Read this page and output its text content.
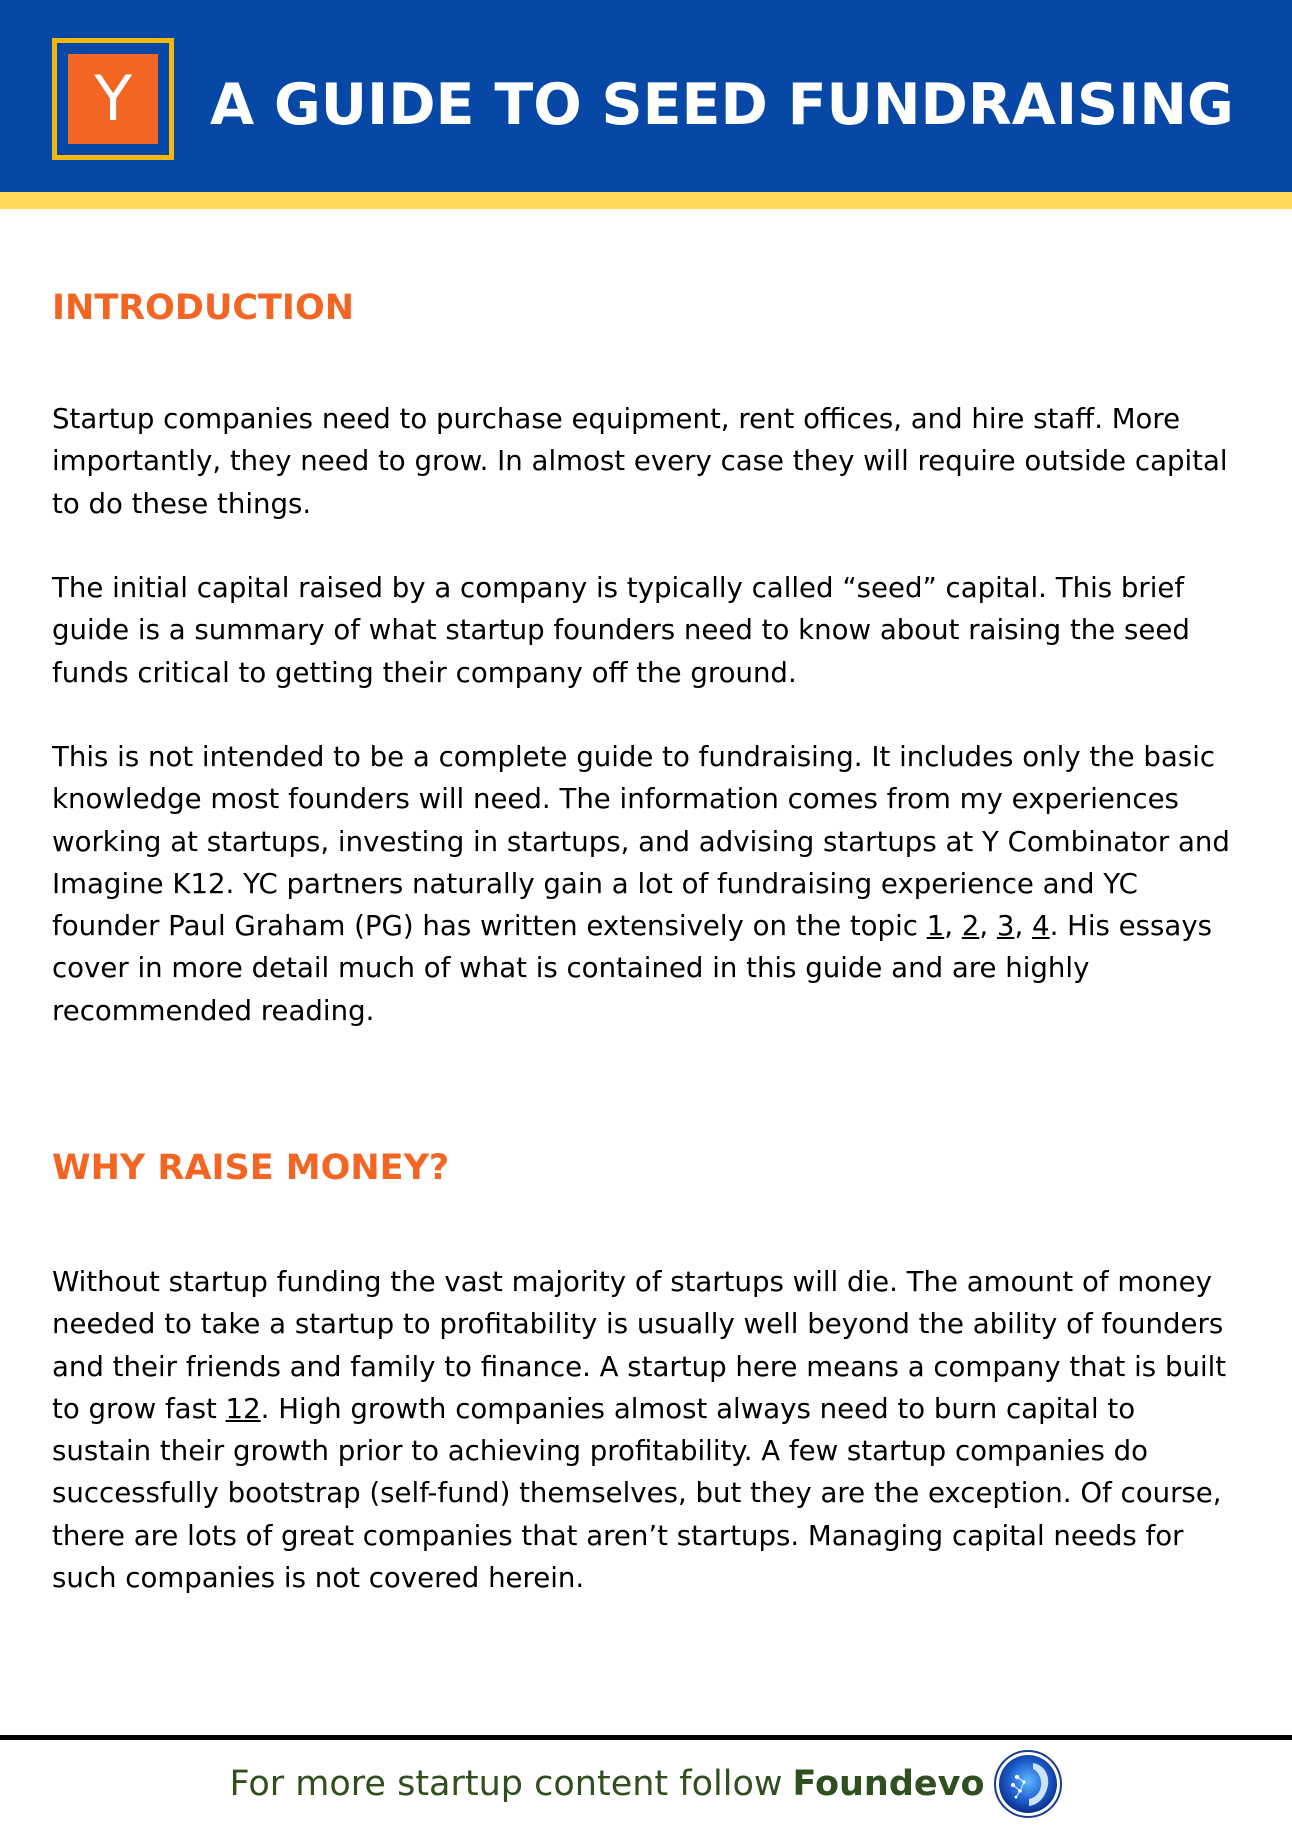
Y A GUIDE TO SEED FUNDRAISING
INTRODUCTION

Startup companies need to purchase equipment, rent offices, and hire staff. More importantly, they need to grow. In almost every case they will require outside capital to do these things.

The initial capital raised by a company is typically called “seed” capital. This brief guide is a summary of what startup founders need to know about raising the seed funds critical to getting their company off the ground.

This is not intended to be a complete guide to fundraising. It includes only the basic knowledge most founders will need. The information comes from my experiences working at startups, investing in startups, and advising startups at Y Combinator and Imagine K12. YC partners naturally gain a lot of fundraising experience and YC founder Paul Graham (PG) has written extensively on the topic 1, 2, 3, 4. His essays cover in more detail much of what is contained in this guide and are highly recommended reading.

WHY RAISE MONEY?

Without startup funding the vast majority of startups will die. The amount of money needed to take a startup to profitability is usually well beyond the ability of founders and their friends and family to finance. A startup here means a company that is built to grow fast 12. High growth companies almost always need to burn capital to sustain their growth prior to achieving profitability. A few startup companies do successfully bootstrap (self-fund) themselves, but they are the exception. Of course, there are lots of great companies that aren’t startups. Managing capital needs for such companies is not covered herein.

For more startup content follow Foundevo
